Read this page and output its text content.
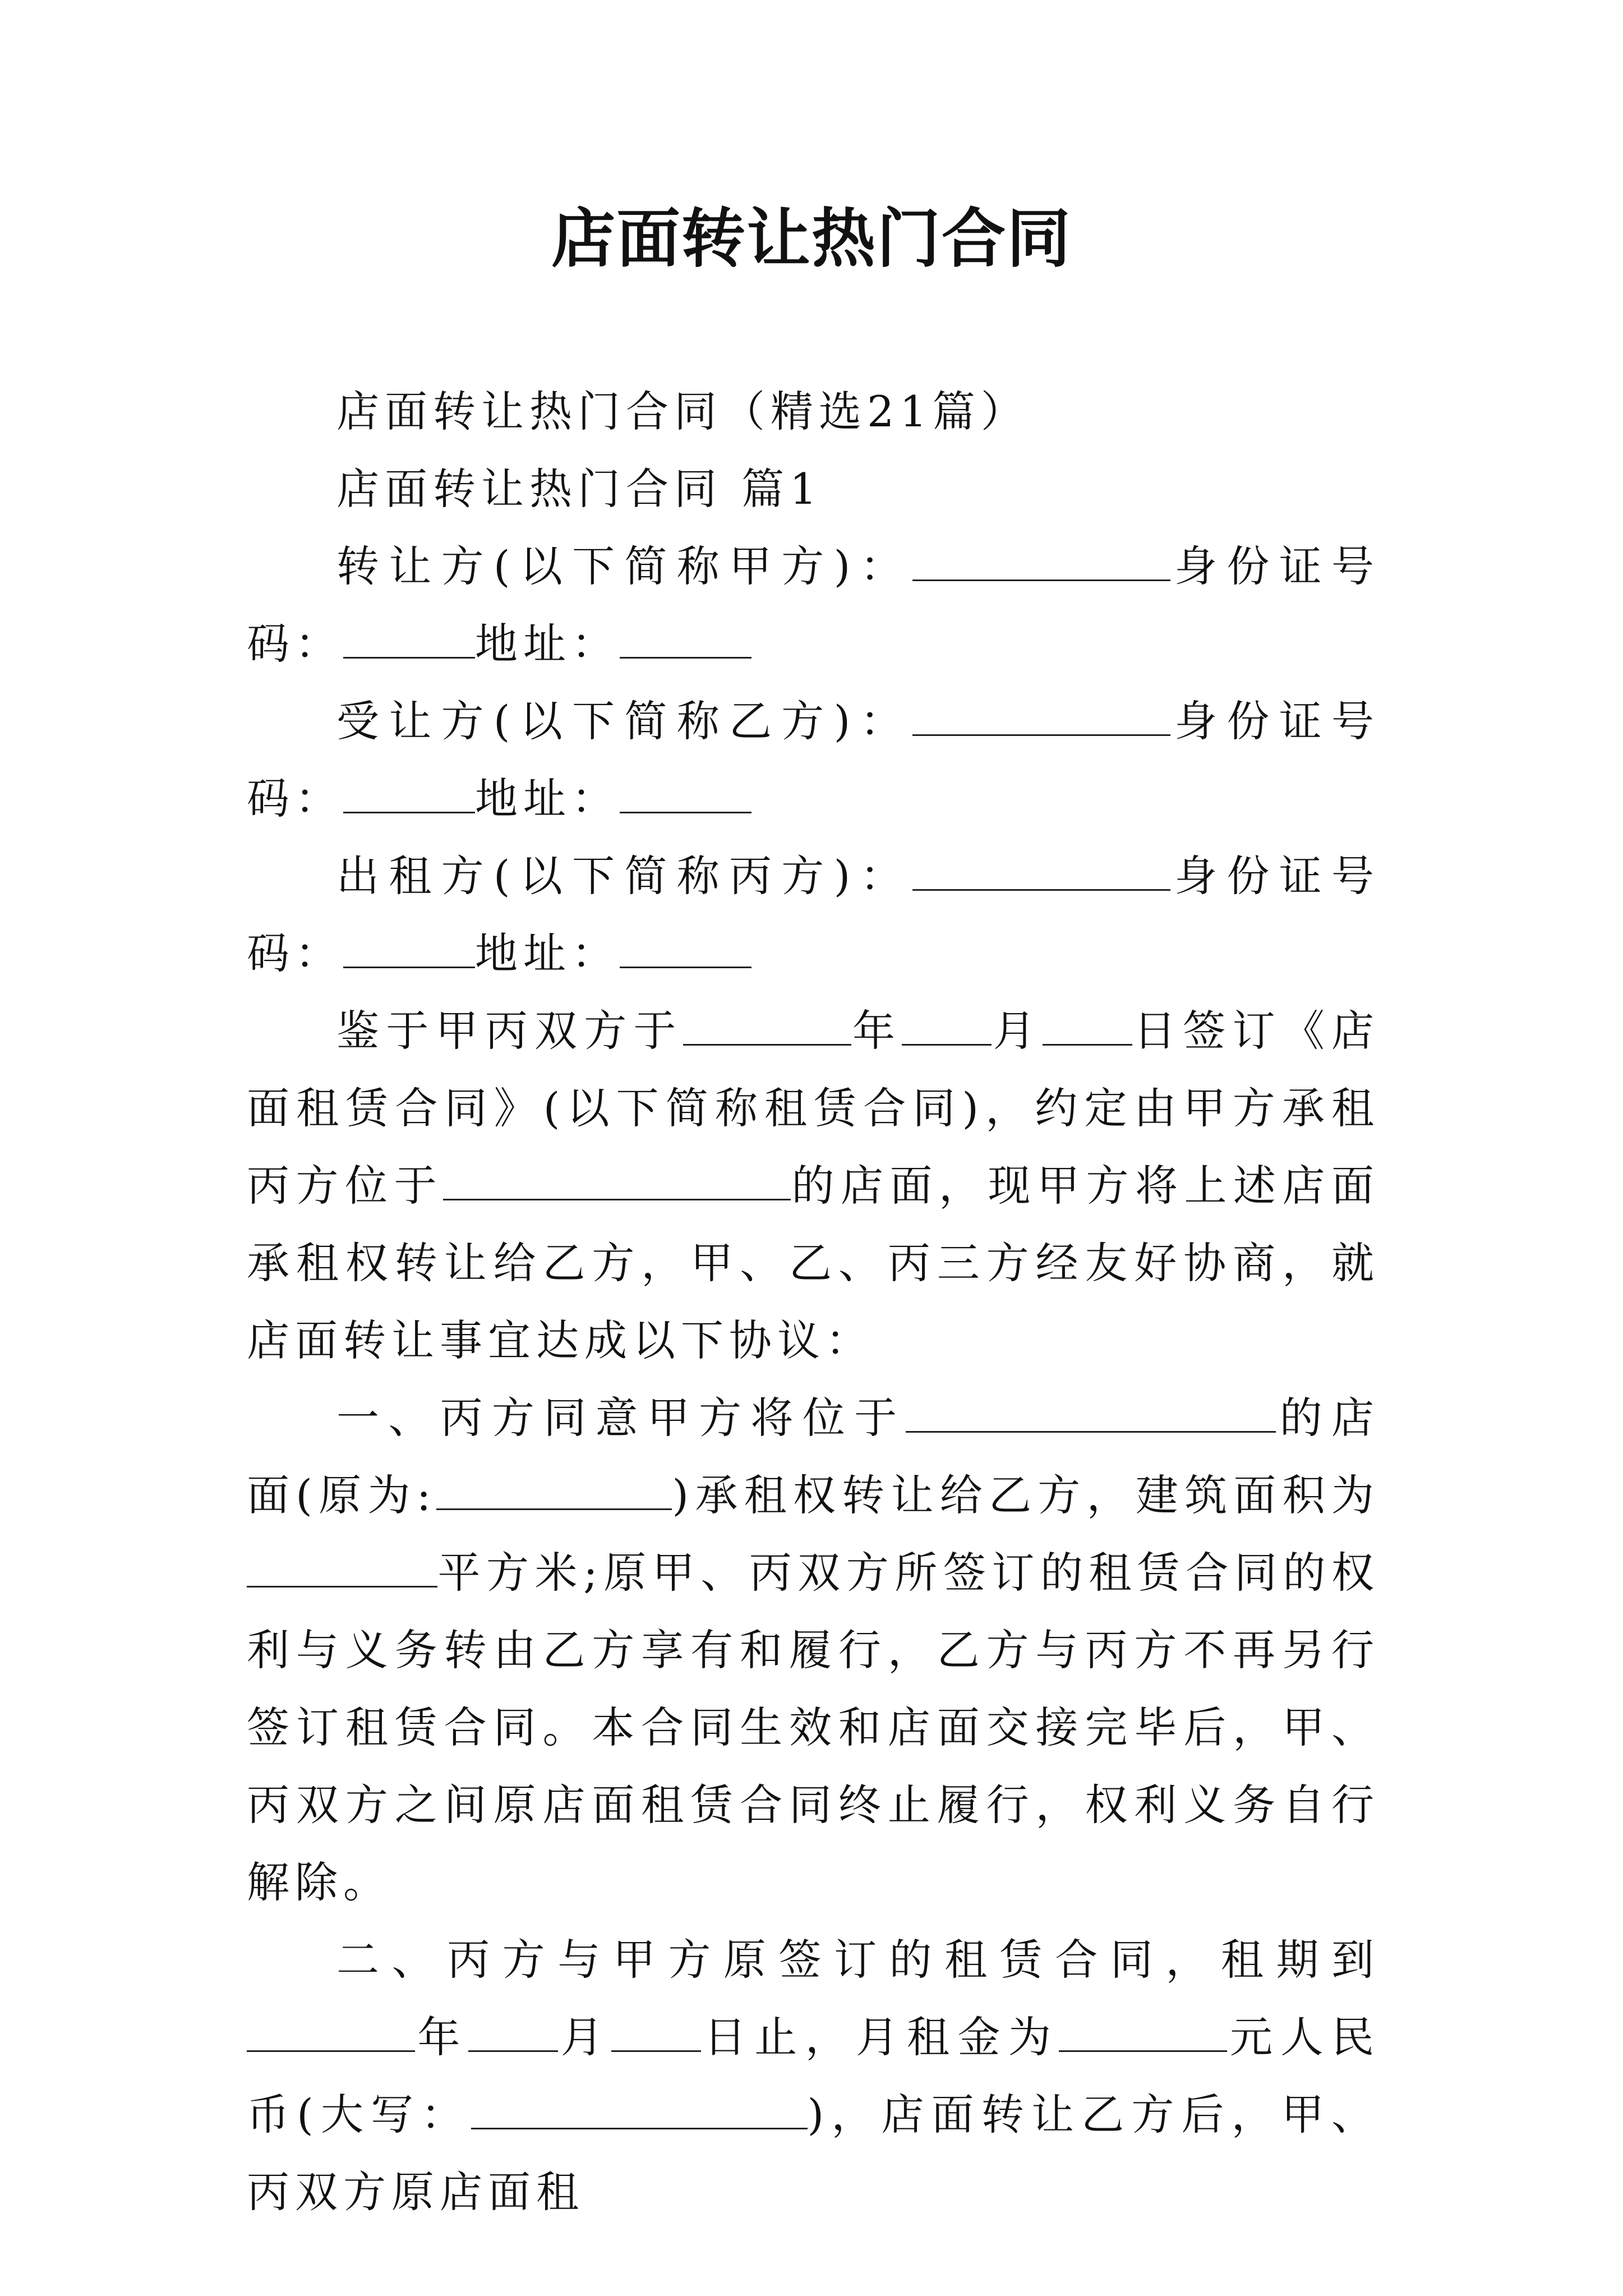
店面转让热门合同

店面转让热门合同（精选21篇）

店面转让热门合同 篇1

转让方(以下简称甲方)：	身份证号码：	地址：

受让方(以下简称乙方)：	身份证号码：	地址：

出租方(以下简称丙方)：	身份证号码：	地址：

鉴于甲丙双方于	年 月 日签订《店面租赁合同》(以下简称租赁合同)，约定由甲方承租丙方位于	的店面，现甲方将上述店面承租权转让给乙方，甲、乙、丙三方经友好协商，就店面转让事宜达成以下协议：

一、丙方同意甲方将位于	的店面(原为:	)承租权转让给乙方，建筑面积为平方米;原甲、丙双方所签订的租赁合同的权利与义务转由乙方享有和履行，乙方与丙方不再另行签订租赁合同。本合同生效和店面交接完毕后，甲、丙双方之间原店面租赁合同终止履行，权利义务自行解除。

二、丙方与甲方原签订的租赁合同，租期到年 月 日止，月租金为	元人民币(大写：	)，店面转让乙方后，甲、丙双方原店面租
